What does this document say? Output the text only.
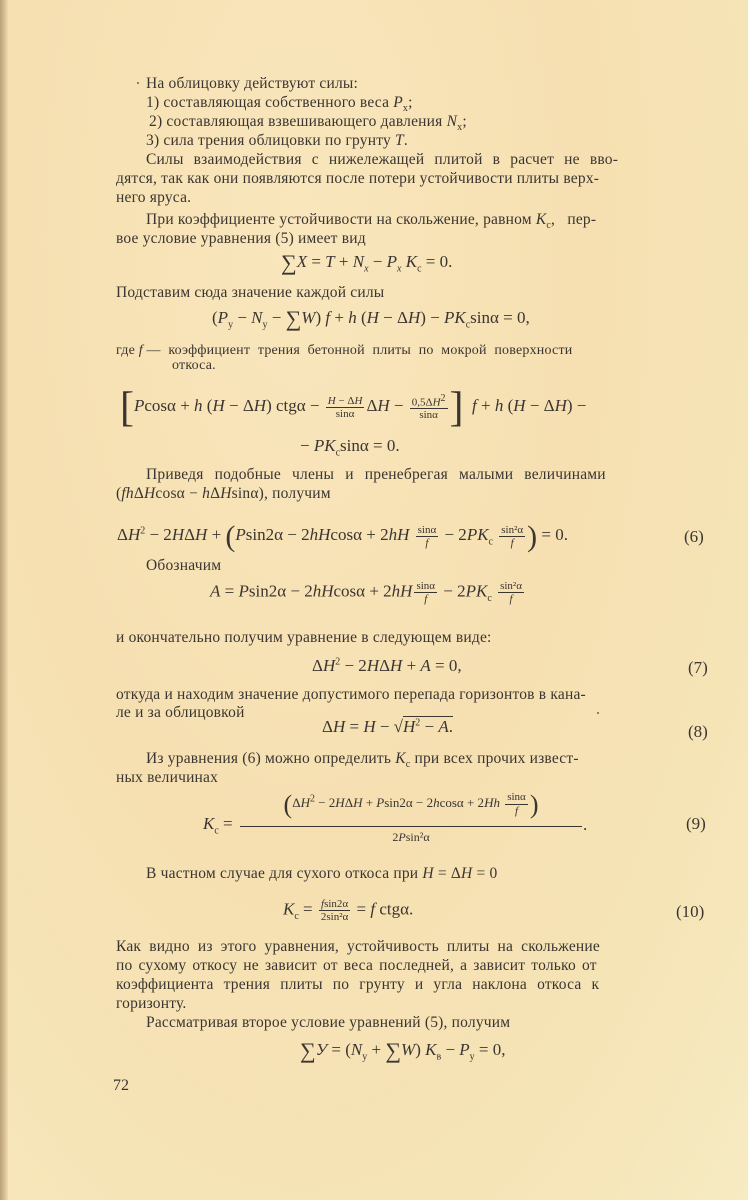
На облицовку действуют силы:
1) составляющая собственного веса $P_x$;
2) составляющая взвешивающего давления $N_x$;
3) сила трения облицовки по грунту T.
Силы взаимодействия с нижележащей плитой в расчет не вво-
дятся, так как они появляются после потери устойчивости плиты верх-
него яруса.
При коэффициенте устойчивости на скольжение, равном $K_c$,   пер-
вое условие уравнения (5) имеет вид
$\sum X = T + N_x - P_x$ $K_c = 0$.
Подставим сюда значение каждой силы
$(P_y - N_y - \sum W) f + h$ $(H - \Delta H) - PK_c\sin\alpha = 0$,
где f — коэффициент трения бетонной плиты по мокрой поверхности
откоса.
[Pcosα + h (H − ΔH) $ctg\alpha - \frac{H - \Delta H}{\sin\alpha}$ $\Delta H - \frac{0,5\Delta H^2}{\sin\alpha}$ ] f + h (H − ΔH) −
− $PK_c\sin\alpha = 0$.
Приведя подобные члены и пренебрегая малыми величинами
(fhΔHcosα − hΔHsinα), получим
$\Delta H^2 - 2H\Delta H + (Psin2\alpha - 2hHcos\alpha + 2hH \frac{\sin\alpha}{f} - 2PK_c \frac{\text{sin²α}}{f}$ ) = 0.	(6)
Обозначим
$A = Psin2\alpha - 2hHcos\alpha + 2hH \frac{\sin\alpha}{f} - 2PK_c \frac{\text{sin²α}}{f}$
и окончательно получим уравнение в следующем виде:
$\Delta H^2 - 2H\Delta H + A = 0$,	(7)
откуда и находим значение допустимого перепада горизонтов в кана-
ле и за облицовкой
$\Delta H = H - √H^2 - A$.	(8)
Из уравнения (6) можно определить $K_c$ при всех прочих извест-
ных величинах
$K_c$ =
($\Delta H^2 - 2H\Delta H + Psin2\alpha - 2hcos\alpha + 2Hh \frac{\sin\alpha}{f}$ )
2Psin²α
.	(9)
В частном случае для сухого откоса при H = ΔH = 0
$K_c = \frac{fsin2\alpha}{\text{2sin²α}} = f$ ctgα.	(10)
Как видно из этого уравнения, устойчивость плиты на скольжение
по сухому откосу не зависит от веса последней, а зависит только от
коэффициента трения плиты по грунту и угла наклона откоса к
горизонту.
Рассматривая второе условие уравнений (5), получим
$\sum У = (N_y + \sum W) K_в - P_y = 0$,
72
